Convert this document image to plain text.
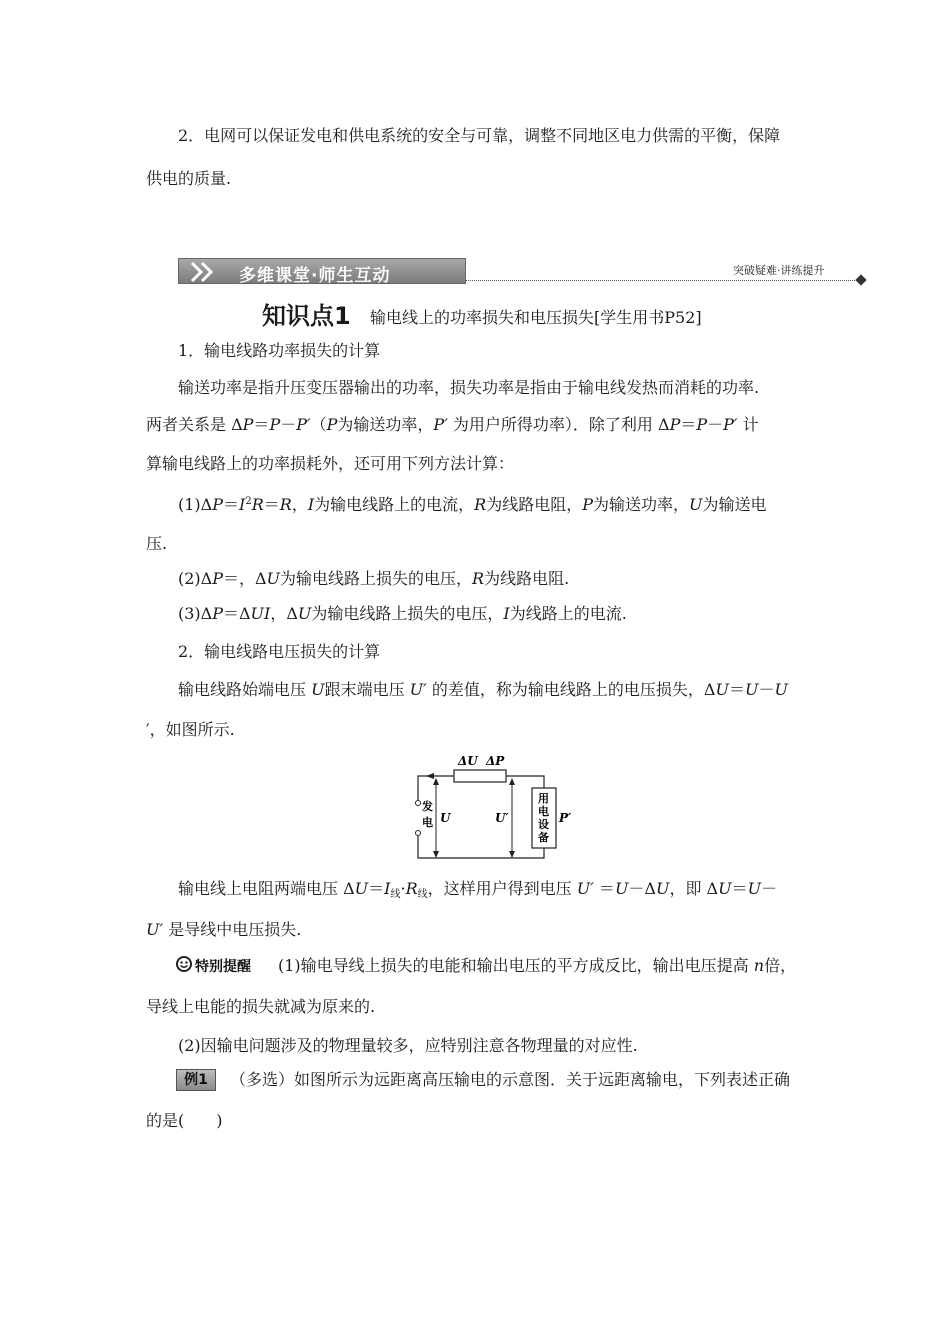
2．电网可以保证发电和供电系统的安全与可靠，调整不同地区电力供需的平衡，保障
供电的质量.
多维课堂·师生互动	突破疑难·讲练提升
知识点1 输电线上的功率损失和电压损失[学生用书P52]
1．输电线路功率损失的计算
输送功率是指升压变压器输出的功率，损失功率是指由于输电线发热而消耗的功率.
两者关系是 ΔP＝P－P′（P为输送功率，P′ 为用户所得功率）．除了利用 ΔP＝P－P′ 计
算输电线路上的功率损耗外，还可用下列方法计算：
$(1)\Delta P=I^2R=R$，I为输电线路上的电流，R为线路电阻，P为输送功率，U为输送电
压.
(2)ΔP＝，ΔU为输电线路上损失的电压，R为线路电阻.
(3)ΔP＝ΔUI，ΔU为输电线路上损失的电压，I为线路上的电流.
2．输电线路电压损失的计算
输电线路始端电压 U跟末端电压 U′ 的差值，称为输电线路上的电压损失，ΔU＝U－U
′，如图所示.
ΔU ΔP
U
发
电	U′
用
电
设
备
P′
输电线上电阻两端电压 $\Delta U=I_线\cdot R_线$，这样用户得到电压 U′ ＝U－ΔU，即 ΔU＝U－
U′ 是导线中电压损失.
特别提醒 (1)输电导线上损失的电能和输出电压的平方成反比，输出电压提高 n倍，
导线上电能的损失就减为原来的.
(2)因输电问题涉及的物理量较多，应特别注意各物理量的对应性.
例1	（多选）如图所示为远距离高压输电的示意图．关于远距离输电，下列表述正确
的是(　　)
